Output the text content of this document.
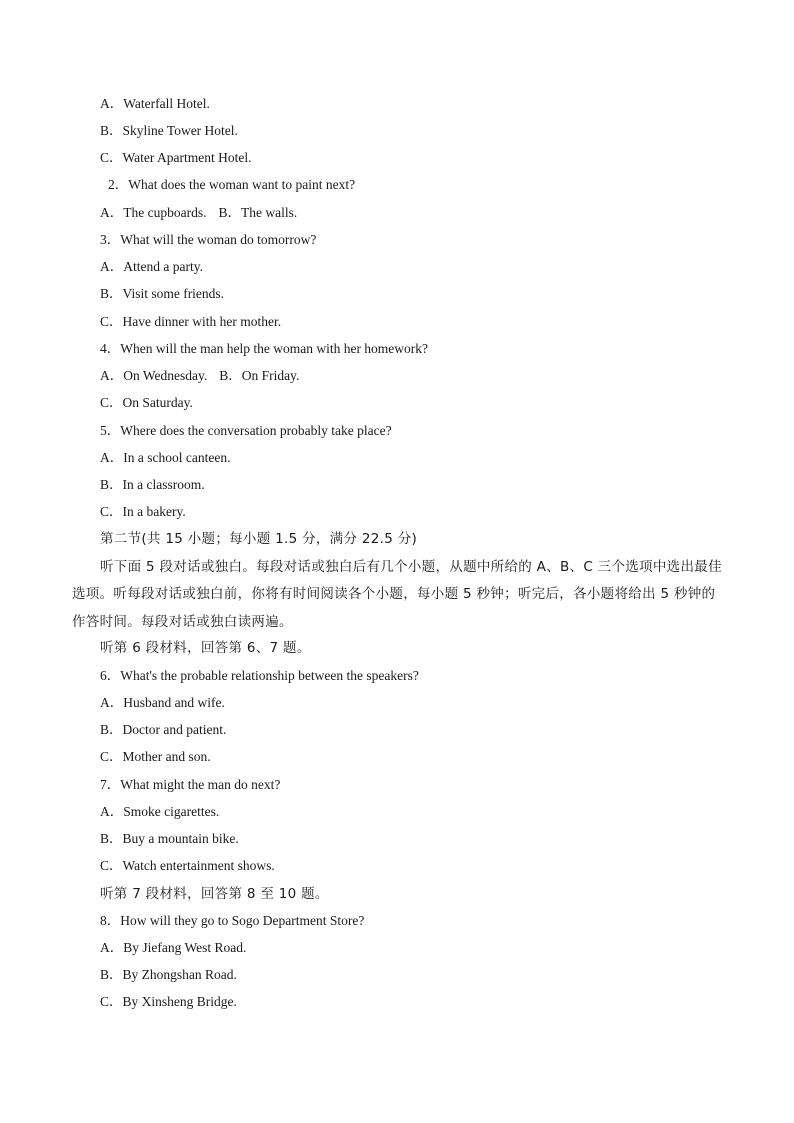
A．Waterfall Hotel.
B．Skyline Tower Hotel.
C．Water Apartment Hotel.
2．What does the woman want to paint next?
A．The cupboards. B．The walls.
3．What will the woman do tomorrow?
A．Attend a party.
B．Visit some friends.
C．Have dinner with her mother.
4．When will the man help the woman with her homework?
A．On Wednesday. B．On Friday.
C．On Saturday.
5．Where does the conversation probably take place?
A．In a school canteen.
B．In a classroom.
C．In a bakery.
第二节(共 15 小题；每小题 1.5 分，满分 22.5 分)
听下面 5 段对话或独白。每段对话或独白后有几个小题，从题中所给的 A、B、C 三个选项中选出最佳选项。听每段对话或独白前，你将有时间阅读各个小题，每小题 5 秒钟；听完后，各小题将给出 5 秒钟的作答时间。每段对话或独白读两遍。
听第 6 段材料，回答第 6、7 题。
6．What's the probable relationship between the speakers?
A．Husband and wife.
B．Doctor and patient.
C．Mother and son.
7．What might the man do next?
A．Smoke cigarettes.
B．Buy a mountain bike.
C．Watch entertainment shows.
听第 7 段材料，回答第 8 至 10 题。
8．How will they go to Sogo Department Store?
A．By Jiefang West Road.
B．By Zhongshan Road.
C．By Xinsheng Bridge.
